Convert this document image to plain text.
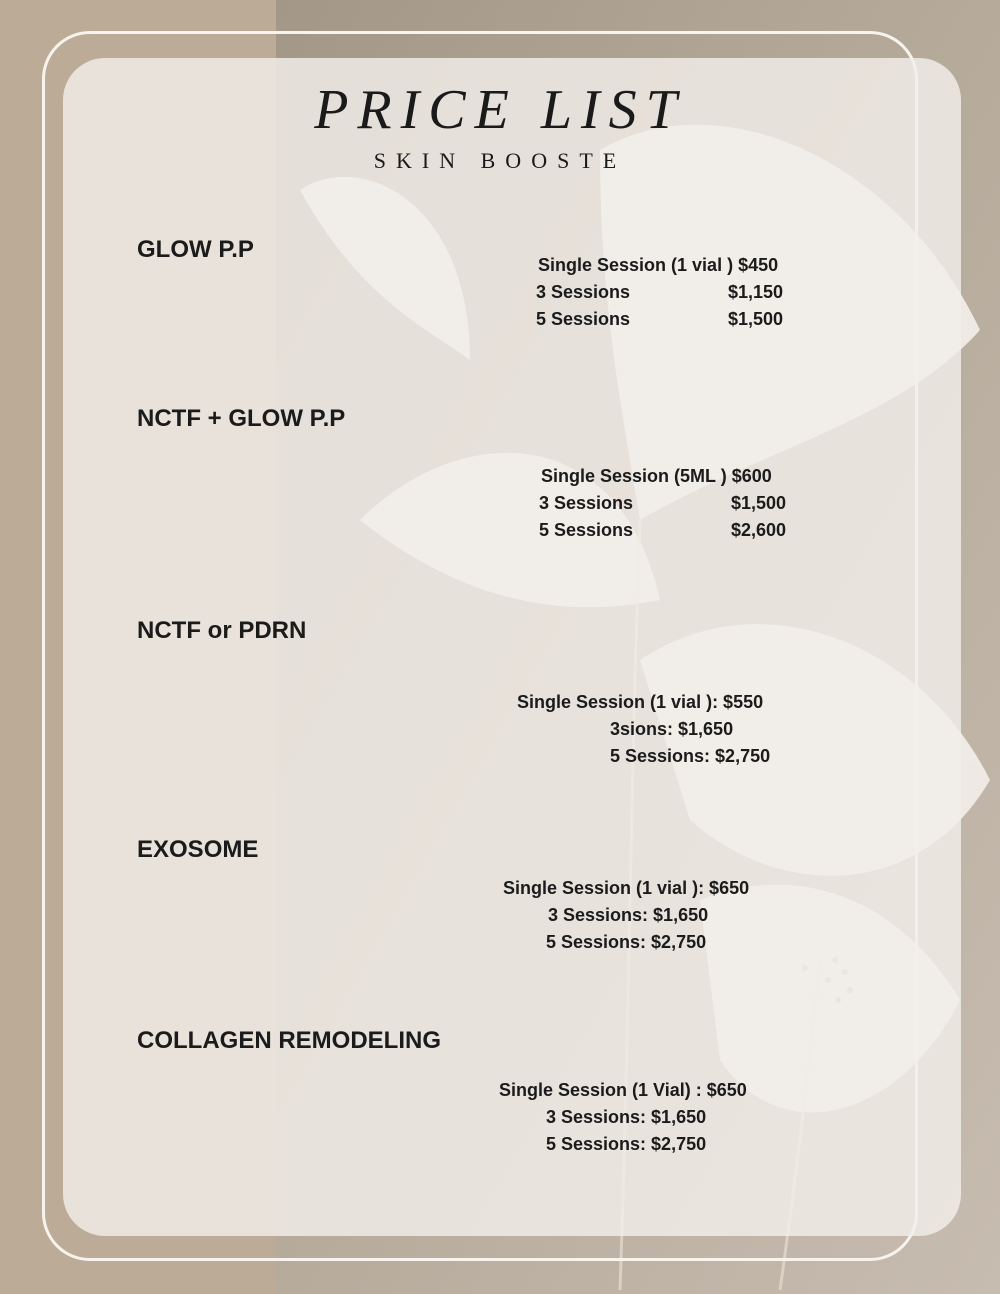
PRICE LIST
SKIN BOOSTE
GLOW P.P
Single Session (1 vial ) $450
3 Sessions	$1,150
5 Sessions	$1,500
NCTF + GLOW P.P
Single Session (5ML ) $600
3 Sessions	$1,500
5 Sessions	$2,600
NCTF or PDRN
Single Session (1 vial ): $550
3sions: $1,650
5 Sessions: $2,750
EXOSOME
Single Session (1 vial ): $650
3 Sessions: $1,650
5 Sessions: $2,750
COLLAGEN REMODELING
Single Session (1 Vial) : $650
3 Sessions: $1,650
5 Sessions: $2,750
